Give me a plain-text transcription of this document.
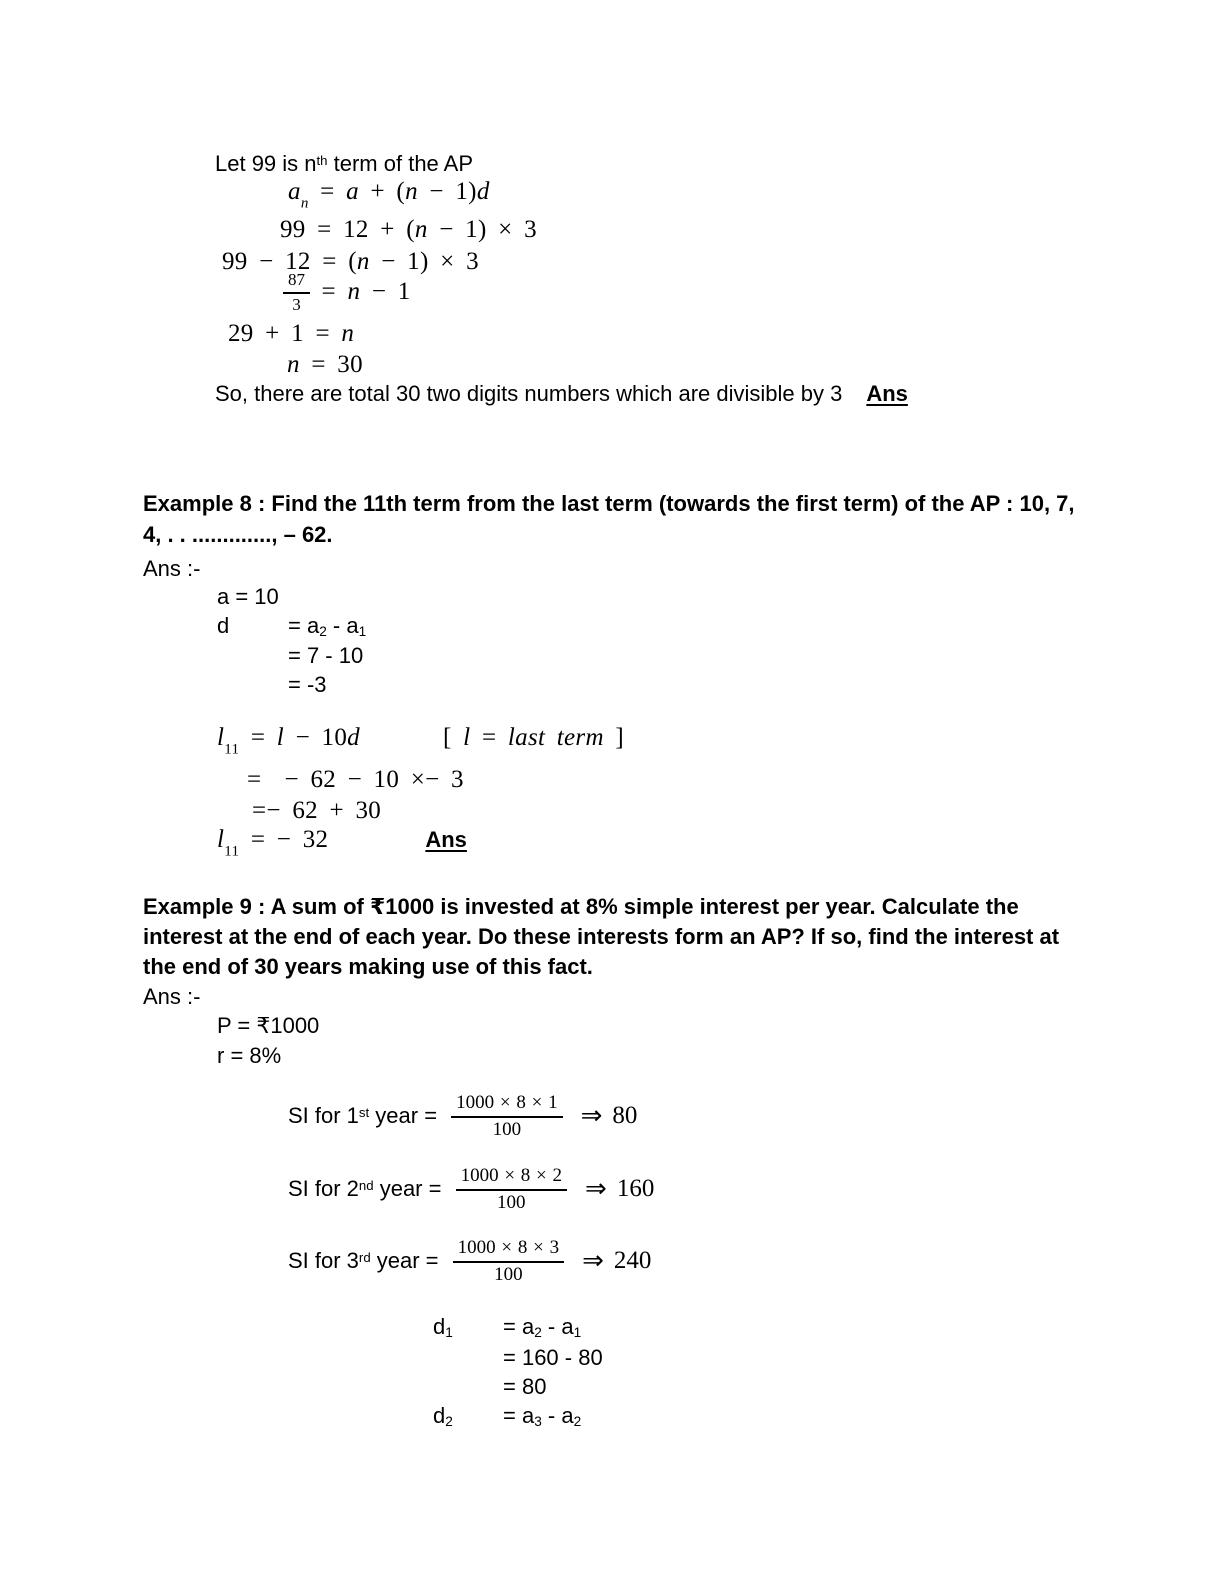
Let 99 is $n^{th}$ term of the AP
$a_n = a + (n - 1)d$
99 = 12 + (n − 1) × 3
99 − 12 = (n − 1) × 3
$\frac{87}{3} = n - 1$
29 + 1 = n
n = 30
So, there are total 30 two digits numbers which are divisible by 3 Ans
Example 8 : Find the 11th term from the last term (towards the first term) of the AP : 10, 7,
4, . . ............., – 62.
Ans :-
a = 10
d	= $a_2 - a_1$
= 7 - 10
= -3
$l_{11} = l - 10d$	[ l = last term ]
=  − 62 − 10 ×− 3
=− 62 + 30
$l_{11}$ = − 32	Ans
Example 9 : A sum of ₹1000 is invested at 8% simple interest per year. Calculate the
interest at the end of each year. Do these interests form an AP? If so, find the interest at
the end of 30 years making use of this fact.
Ans :-
P = ₹1000
r = 8%
SI for 1st year = $\frac{1000 \times 8 \times 1}{100}$ ⇒ 80
SI for 2nd year = $\frac{1000 \times 8 \times 2}{100}$ ⇒ 160
SI for 3rd year = $\frac{1000 \times 8 \times 3}{100}$ ⇒ 240
$d_1 = a_2 - a_1$
= 160 - 80
= 80
$d_2 = a_3 - a_2$
